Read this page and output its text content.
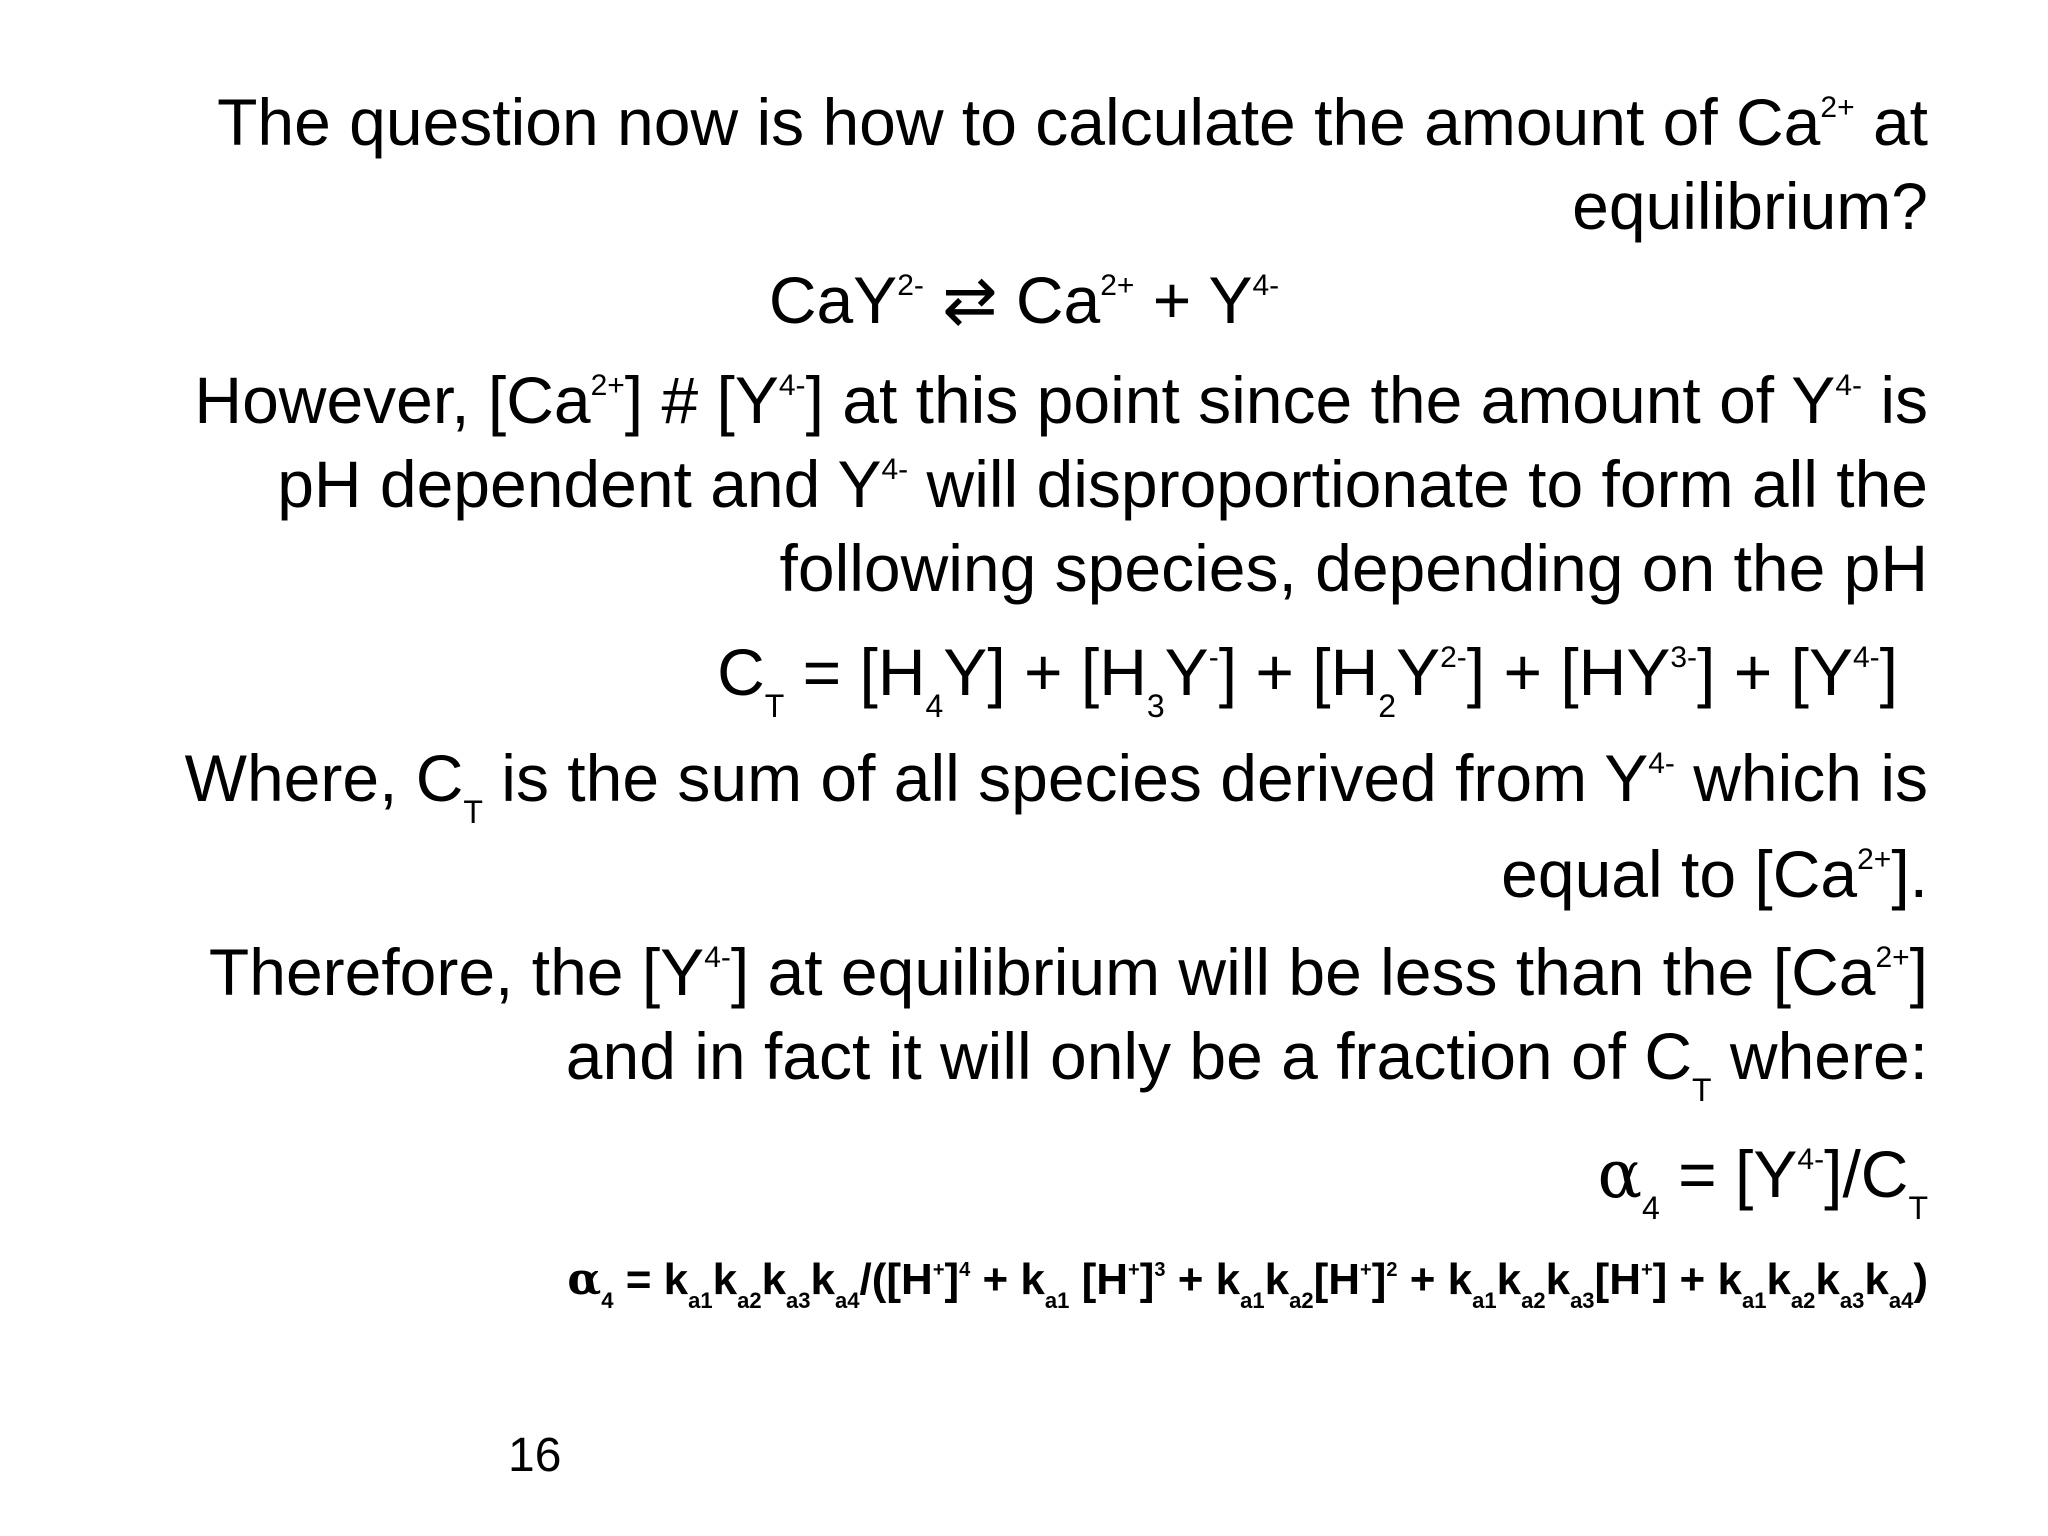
The question now is how to calculate the amount of $Ca^{2+}$ at
equilibrium?
CaY$^{2-}$ ⇄ $Ca^{2+} + Y^{4-}$
However, $[Ca^{2+}]$ # $[Y^{4-}]$ at this point since the amount of $Y^{4-}$ is
pH dependent and $Y^{4-}$ will disproportionate to form all the
following species, depending on the pH
$C_T = [H_4Y] + [H_3Y^-] + [H_2Y^{2-}] + [HY^{3-}] + [Y^{4-}]$
Where, $C_T$ is the sum of all species derived from $Y^{4-}$ which is
equal to $[Ca^{2+}]$.
Therefore, the $[Y^{4-}]$ at equilibrium will be less than the $[Ca^{2+}]$
and in fact it will only be a fraction of $C_T$ where:
$\alpha_4 = [Y^{4-}]/C_T$
$\alpha_4 = k_{a1}k_{a2}k_{a3}k_{a4}/([H^+]^4 + k_{a1}$ $[H^+]^3 + k_{a1}k_{a2}[H^+]^2 + k_{a1}k_{a2}k_{a3}[H^+] + k_{a1}k_{a2}k_{a3}k_{a4}$)
16
